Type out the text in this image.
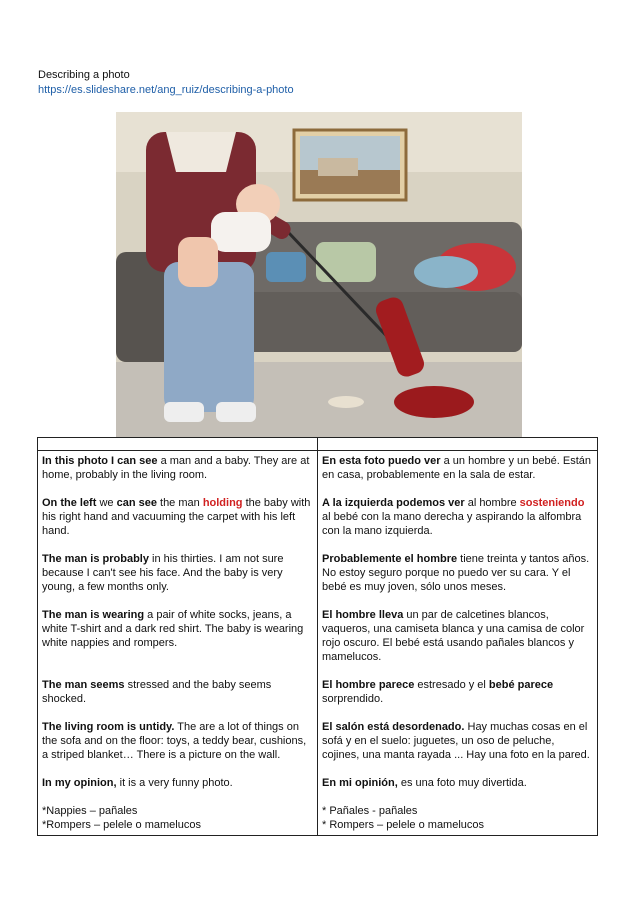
Describing a photo
https://es.slideshare.net/ang_ruiz/describing-a-photo

In this photo I can see a man and a baby. They are at home, probably in the living room.

On the left we can see the man holding the baby with his right hand and vacuuming the carpet with his left hand.

The man is probably in his thirties. I am not sure because I can't see his face. And the baby is very young, a few months only.

The man is wearing a pair of white socks, jeans, a white T-shirt and a dark red shirt. The baby is wearing white nappies and rompers.

The man seems stressed and the baby seems shocked.

The living room is untidy. The are a lot of things on the sofa and on the floor: toys, a teddy bear, cushions, a striped blanket… There is a picture on the wall.

In my opinion, it is a very funny photo.

*Nappies – pañales

*Rompers – pelele o mamelucos

En esta foto puedo ver a un hombre y un bebé. Están en casa, probablemente en la sala de estar.

A la izquierda podemos ver al hombre sosteniendo al bebé con la mano derecha y aspirando la alfombra con la mano izquierda.

Probablemente el hombre tiene treinta y tantos años. No estoy seguro porque no puedo ver su cara. Y el bebé es muy joven, sólo unos meses.

El hombre lleva un par de calcetines blancos, vaqueros, una camiseta blanca y una camisa de color rojo oscuro. El bebé está usando pañales blancos y mamelucos.

El hombre parece estresado y el bebé parece sorprendido.

El salón está desordenado. Hay muchas cosas en el sofá y en el suelo: juguetes, un oso de peluche, cojines, una manta rayada ... Hay una foto en la pared.

En mi opinión, es una foto muy divertida.

* Pañales - pañales

* Rompers – pelele o mamelucos
